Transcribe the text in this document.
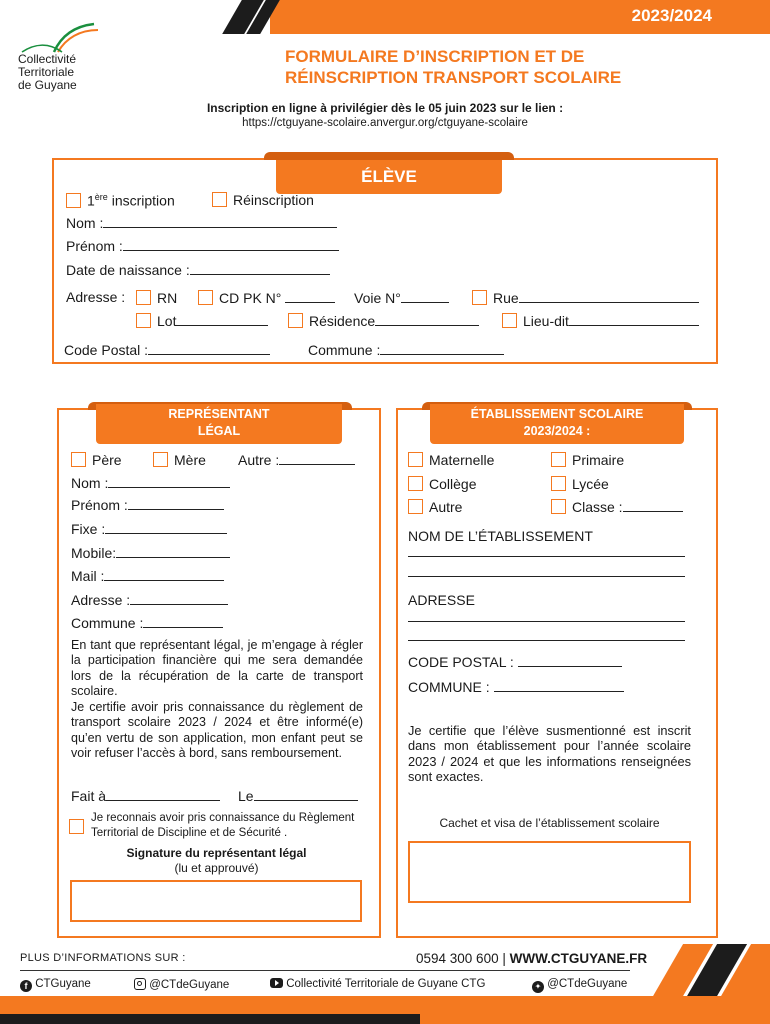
2023/2024
Collectivité
Territoriale
de Guyane
FORMULAIRE D’INSCRIPTION ET DE
RÉINSCRIPTION TRANSPORT SCOLAIRE
Inscription en ligne à privilégier dès le 05 juin 2023 sur le lien :
https://ctguyane-scolaire.anvergur.org/ctguyane-scolaire
ÉLÈVE
1ère inscription	Réinscription
Nom :
Prénom :
Date de naissance :
Adresse :	RN	CD PK N°	Voie N°	Rue
Lot	Résidence	Lieu-dit
Code Postal :	Commune :
REPRÉSENTANT
LÉGAL
Père	Mère Autre :
Nom :
Prénom :
Fixe :
Mobile:
Mail :
Adresse :
Commune :
En tant que représentant légal, je m’engage à régler la participation financière qui me sera demandée lors de la récupération de la carte de transport scolaire.
Je certifie avoir pris connaissance du règlement de transport scolaire 2023 / 2024 et être informé(e) qu’en vertu de son application, mon enfant peut se voir refuser l’accès à bord, sans remboursement.
Fait à	Le
Je reconnais avoir pris connaissance du Règlement
Territorial de Discipline et de Sécurité .
Signature du représentant légal
(lu et approuvé)
ÉTABLISSEMENT SCOLAIRE
2023/2024 :
Maternelle	Primaire
Collège	Lycée
Autre	Classe :
NOM DE L’ÉTABLISSEMENT
ADRESSE
CODE POSTAL :
COMMUNE :
Je certifie que l’élève susmentionné est inscrit dans mon établissement pour l’année scolaire 2023 / 2024 et que les informations renseignées sont exactes.
Cachet et visa de l’établissement scolaire
PLUS D’INFORMATIONS SUR :	0594 300 600 | WWW.CTGUYANE.FR
f CTGuyane	@CTdeGuyane	Collectivité Territoriale de Guyane CTG	✦ @CTdeGuyane
